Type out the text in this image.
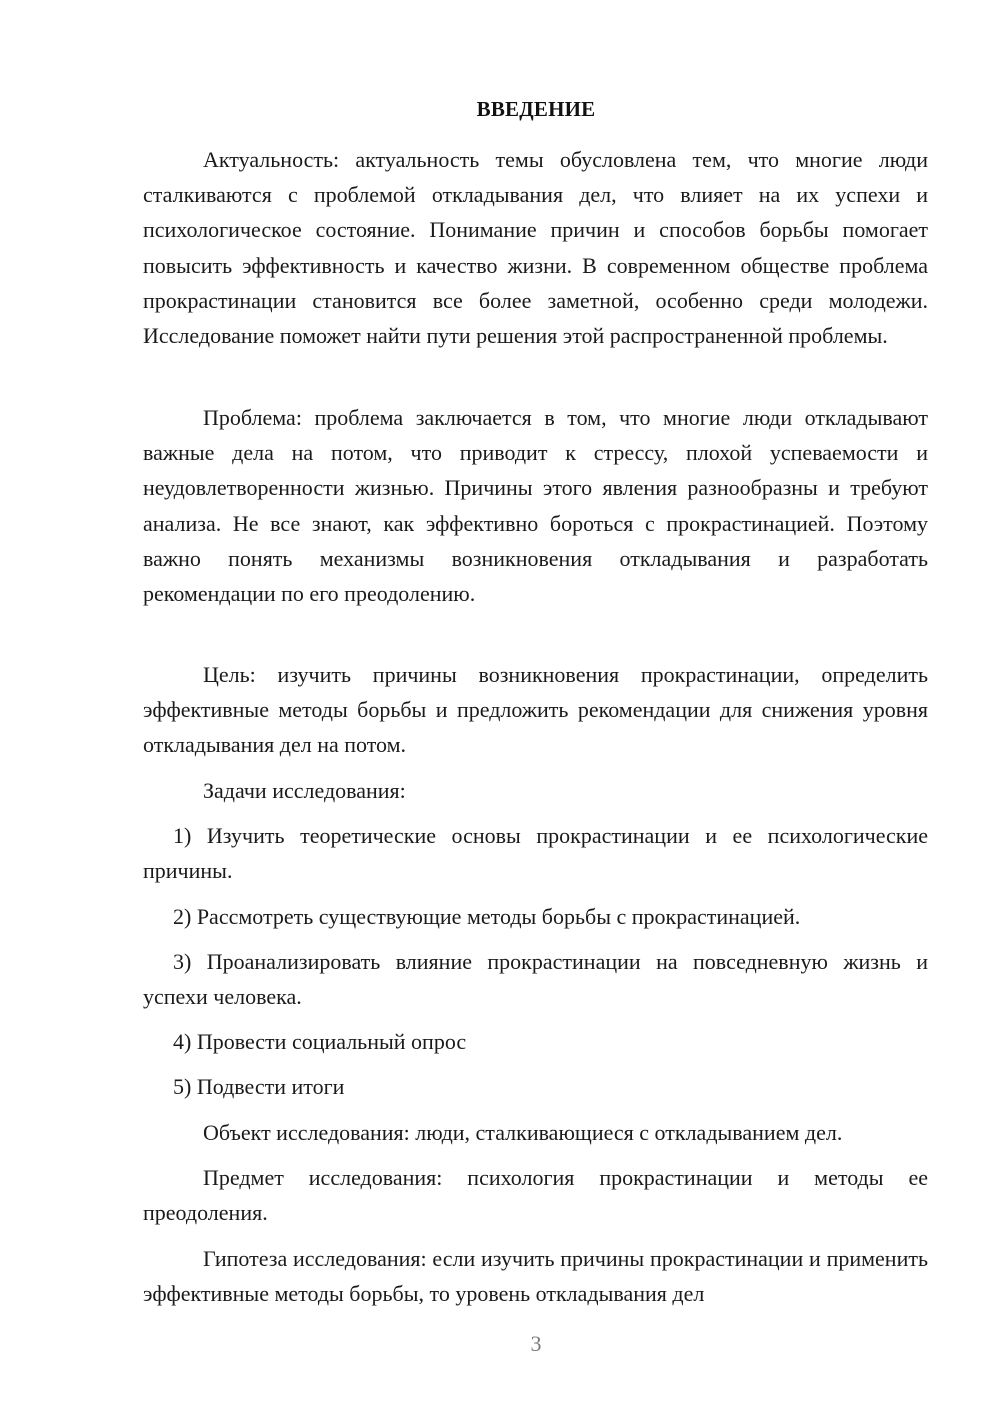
ВВЕДЕНИЕ

Актуальность: актуальность темы обусловлена тем, что многие люди сталкиваются с проблемой откладывания дел, что влияет на их успехи и психологическое состояние. Понимание причин и способов борьбы помогает повысить эффективность и качество жизни. В современном обществе проблема прокрастинации становится все более заметной, особенно среди молодежи. Исследование поможет найти пути решения этой распространенной проблемы.

Проблема: проблема заключается в том, что многие люди откладывают важные дела на потом, что приводит к стрессу, плохой успеваемости и неудовлетворенности жизнью. Причины этого явления разнообразны и требуют анализа. Не все знают, как эффективно бороться с прокрастинацией. Поэтому важно понять механизмы возникновения откладывания и разработать рекомендации по его преодолению.

Цель: изучить причины возникновения прокрастинации, определить эффективные методы борьбы и предложить рекомендации для снижения уровня откладывания дел на потом.

Задачи исследования:

1) Изучить теоретические основы прокрастинации и ее психологические причины.

2) Рассмотреть существующие методы борьбы с прокрастинацией.

3) Проанализировать влияние прокрастинации на повседневную жизнь и успехи человека.

4) Провести социальный опрос

5) Подвести итоги

Объект исследования: люди, сталкивающиеся с откладыванием дел.

Предмет исследования: психология прокрастинации и методы ее преодоления.

Гипотеза исследования: если изучить причины прокрастинации и применить эффективные методы борьбы, то уровень откладывания дел

3
